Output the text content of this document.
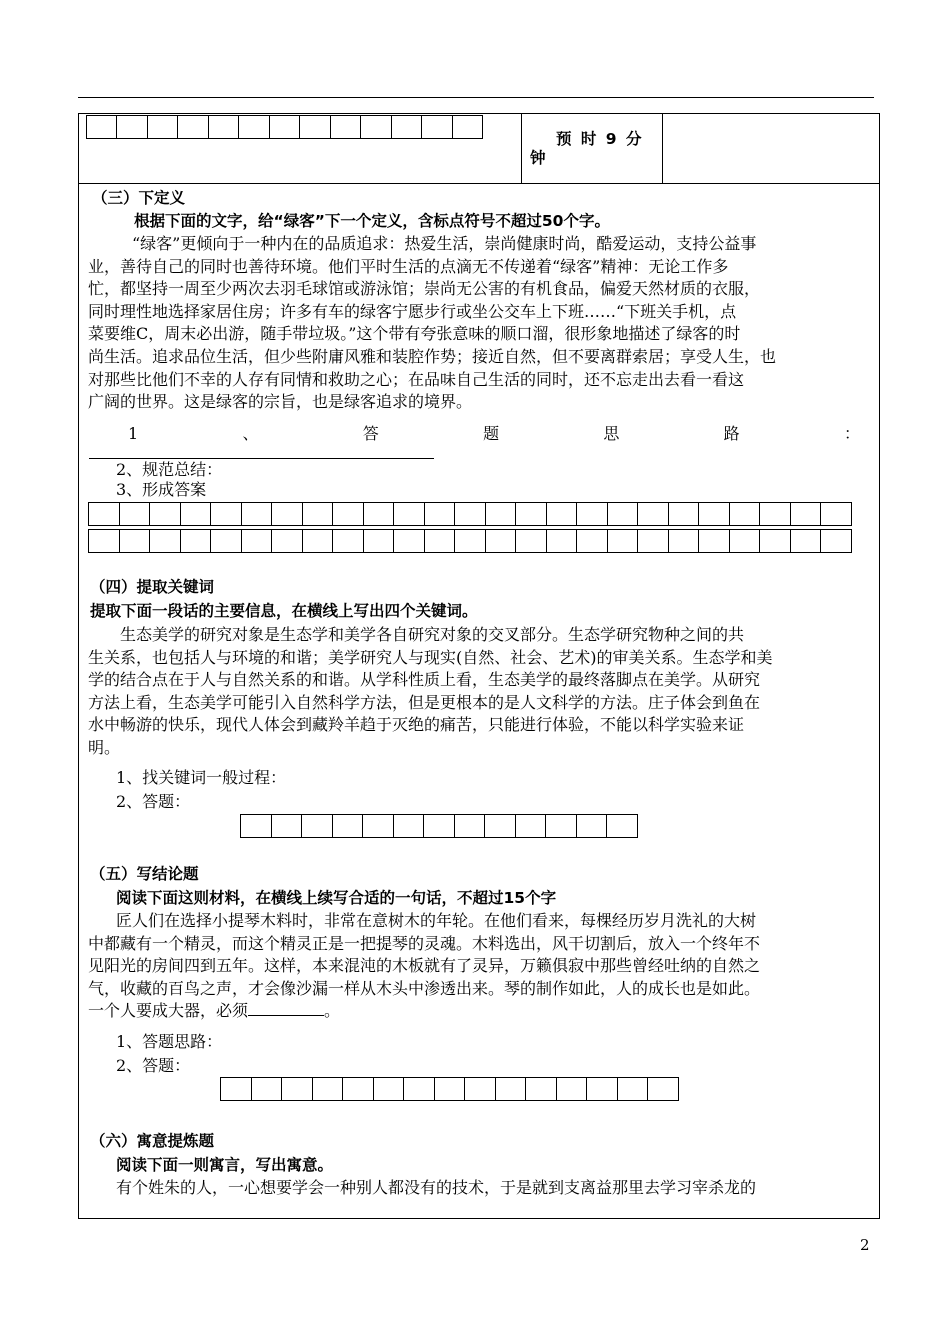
预 时 9 分
钟
（三）下定义
根据下面的文字，给“绿客”下一个定义，含标点符号不超过50个字。
“绿客”更倾向于一种内在的品质追求：热爱生活，崇尚健康时尚，酷爱运动，支持公益事
业，善待自己的同时也善待环境。他们平时生活的点滴无不传递着“绿客”精神：无论工作多
忙，都坚持一周至少两次去羽毛球馆或游泳馆；崇尚无公害的有机食品，偏爱天然材质的衣服，
同时理性地选择家居住房；许多有车的绿客宁愿步行或坐公交车上下班……“下班关手机，点
菜要维C，周末必出游，随手带垃圾。”这个带有夸张意味的顺口溜，很形象地描述了绿客的时
尚生活。追求品位生活，但少些附庸风雅和装腔作势；接近自然，但不要离群索居；享受人生，也
对那些比他们不幸的人存有同情和救助之心；在品味自己生活的同时，还不忘走出去看一看这
广阔的世界。这是绿客的宗旨，也是绿客追求的境界。
1	、	答	题	思	路	：
2、规范总结：
3、形成答案
（四）提取关键词
提取下面一段话的主要信息，在横线上写出四个关键词。
生态美学的研究对象是生态学和美学各自研究对象的交叉部分。生态学研究物种之间的共
生关系，也包括人与环境的和谐；美学研究人与现实(自然、社会、艺术)的审美关系。生态学和美
学的结合点在于人与自然关系的和谐。从学科性质上看，生态美学的最终落脚点在美学。从研究
方法上看，生态美学可能引入自然科学方法，但是更根本的是人文科学的方法。庄子体会到鱼在
水中畅游的快乐，现代人体会到藏羚羊趋于灭绝的痛苦，只能进行体验，不能以科学实验来证
明。
1、找关键词一般过程：
2、答题：
（五）写结论题
阅读下面这则材料，在横线上续写合适的一句话，不超过15个字
匠人们在选择小提琴木料时，非常在意树木的年轮。在他们看来，每棵经历岁月洗礼的大树
中都藏有一个精灵，而这个精灵正是一把提琴的灵魂。木料选出，风干切割后，放入一个终年不
见阳光的房间四到五年。这样，本来混沌的木板就有了灵异，万籁俱寂中那些曾经吐纳的自然之
气，收藏的百鸟之声，才会像沙漏一样从木头中渗透出来。琴的制作如此，人的成长也是如此。
一个人要成大器，必须	。
1、答题思路：
2、答题：
（六）寓意提炼题
阅读下面一则寓言，写出寓意。
有个姓朱的人，一心想要学会一种别人都没有的技术，于是就到支离益那里去学习宰杀龙的
2
